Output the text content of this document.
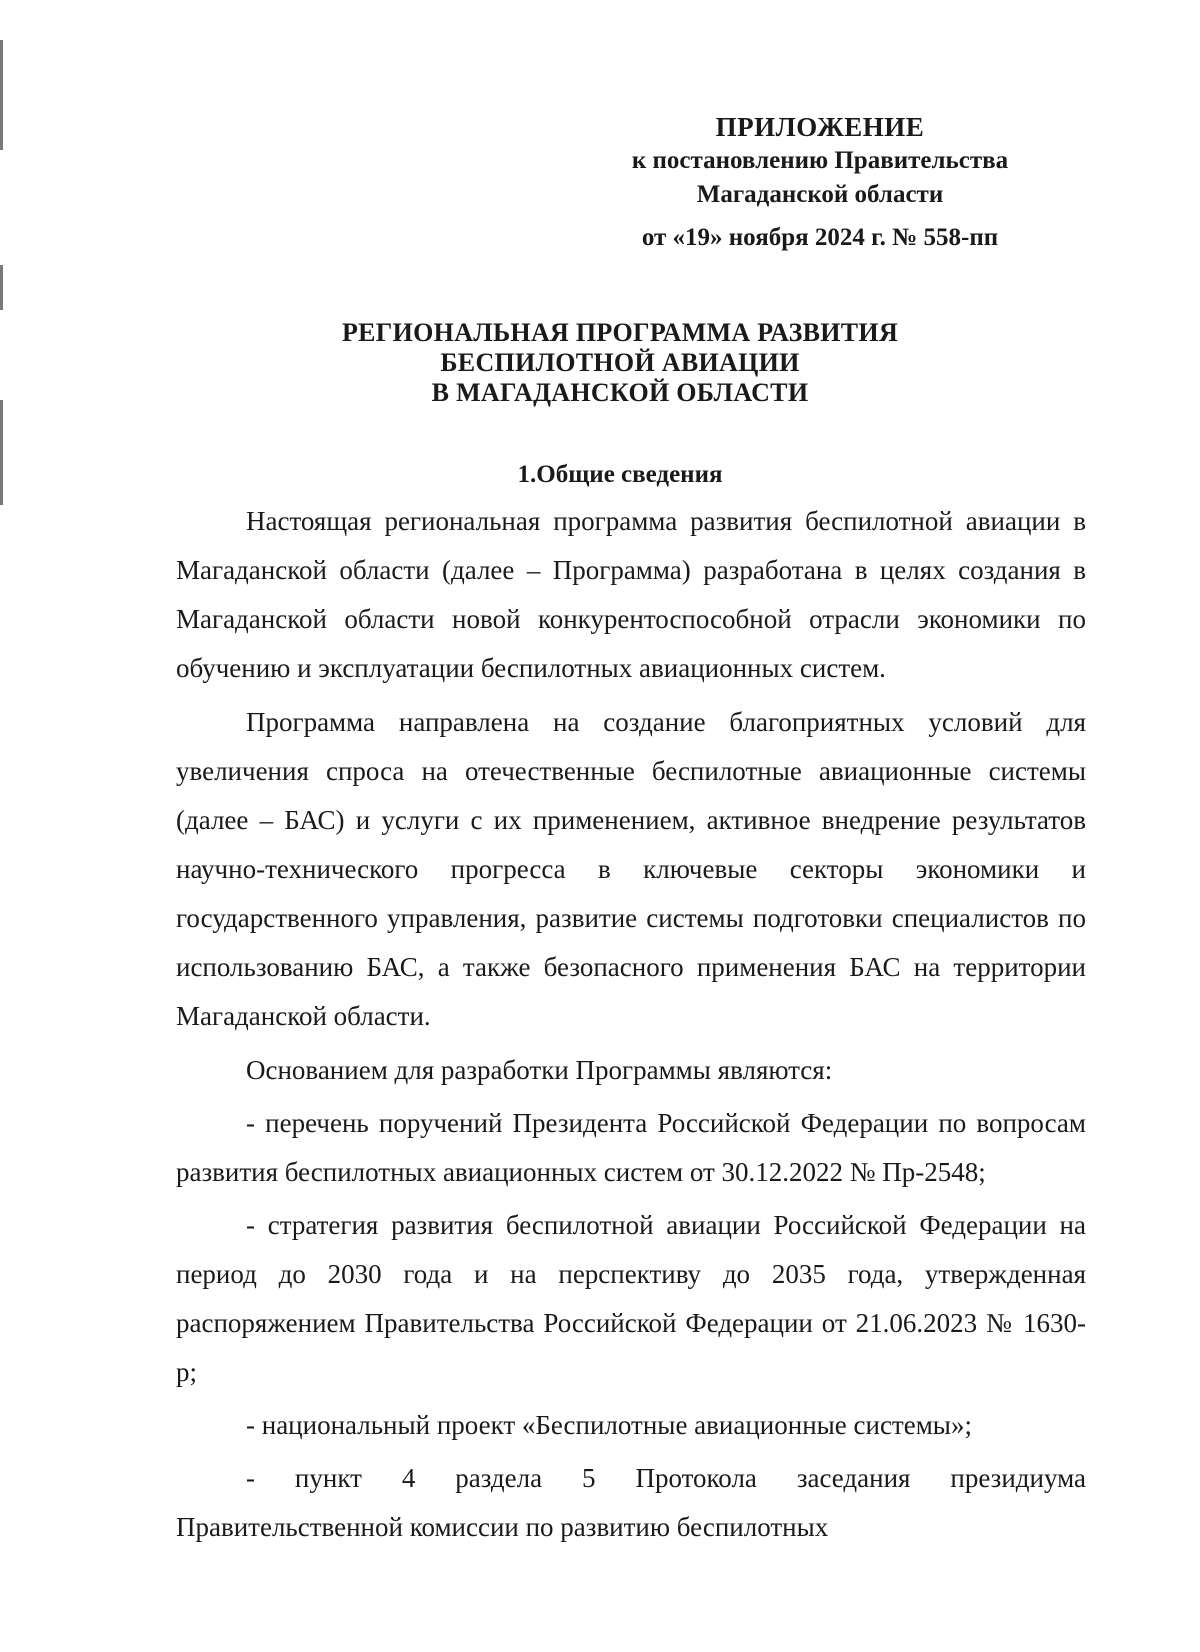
ПРИЛОЖЕНИЕ
к постановлению Правительства
Магаданской области
от «19» ноября 2024 г. № 558-пп
РЕГИОНАЛЬНАЯ ПРОГРАММА РАЗВИТИЯ
БЕСПИЛОТНОЙ АВИАЦИИ
В МАГАДАНСКОЙ ОБЛАСТИ
1.Общие сведения

Настоящая региональная программа развития беспилотной авиации в Магаданской области (далее – Программа) разработана в целях создания в Магаданской области новой конкурентоспособной отрасли экономики по обучению и эксплуатации беспилотных авиационных систем.

Программа направлена на создание благоприятных условий для увеличения спроса на отечественные беспилотные авиационные системы (далее – БАС) и услуги с их применением, активное внедрение результатов научно-технического прогресса в ключевые секторы экономики и государственного управления, развитие системы подготовки специалистов по использованию БАС, а также безопасного применения БАС на территории Магаданской области.

Основанием для разработки Программы являются:

- перечень поручений Президента Российской Федерации по вопросам развития беспилотных авиационных систем от 30.12.2022 № Пр-2548;

- стратегия развития беспилотной авиации Российской Федерации на период до 2030 года и на перспективу до 2035 года, утвержденная распоряжением Правительства Российской Федерации от 21.06.2023 № 1630-р;

- национальный проект «Беспилотные авиационные системы»;

- пункт 4 раздела 5 Протокола заседания президиума Правительственной комиссии по развитию беспилотных
